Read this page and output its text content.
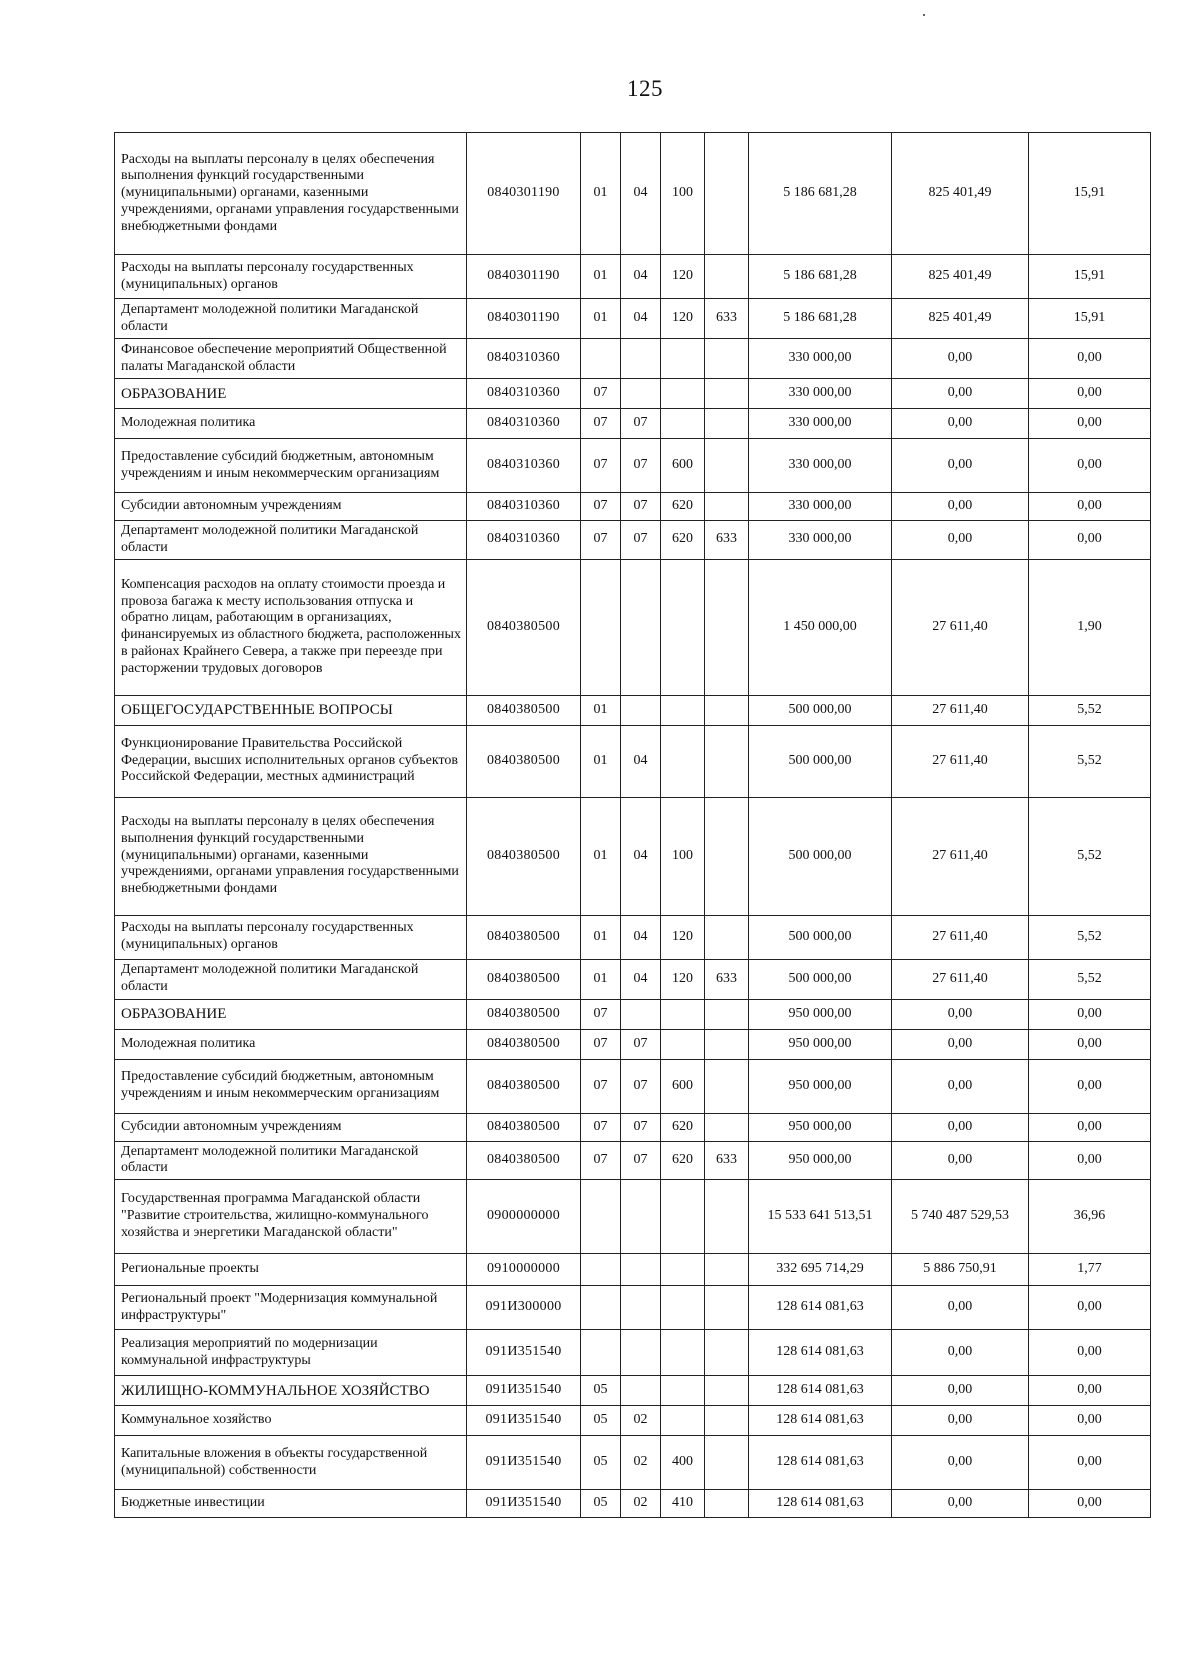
125
Расходы на выплаты персоналу в целях обеспечения выполнения функций государственными (муниципальными) органами, казенными учреждениями, органами управления государственными внебюджетными фондами	0840301190	01	04	100		5 186 681,28	825 401,49	15,91
Расходы на выплаты персоналу государственных (муниципальных) органов	0840301190	01	04	120		5 186 681,28	825 401,49	15,91
Департамент молодежной политики Магаданской области	0840301190	01	04	120	633	5 186 681,28	825 401,49	15,91
Финансовое обеспечение мероприятий Общественной палаты Магаданской области	0840310360					330 000,00	0,00	0,00
ОБРАЗОВАНИЕ	0840310360	07				330 000,00	0,00	0,00
Молодежная политика	0840310360	07	07			330 000,00	0,00	0,00
Предоставление субсидий бюджетным, автономным учреждениям и иным некоммерческим организациям	0840310360	07	07	600		330 000,00	0,00	0,00
Субсидии автономным учреждениям	0840310360	07	07	620		330 000,00	0,00	0,00
Департамент молодежной политики Магаданской области	0840310360	07	07	620	633	330 000,00	0,00	0,00
Компенсация расходов на оплату стоимости проезда и провоза багажа к месту использования отпуска и обратно лицам, работающим в организациях, финансируемых из областного бюджета, расположенных в районах Крайнего Севера, а также при переезде при расторжении трудовых договоров	0840380500					1 450 000,00	27 611,40	1,90
ОБЩЕГОСУДАРСТВЕННЫЕ ВОПРОСЫ	0840380500	01				500 000,00	27 611,40	5,52
Функционирование Правительства Российской Федерации, высших исполнительных органов субъектов Российской Федерации, местных администраций	0840380500	01	04			500 000,00	27 611,40	5,52
Расходы на выплаты персоналу в целях обеспечения выполнения функций государственными (муниципальными) органами, казенными учреждениями, органами управления государственными внебюджетными фондами	0840380500	01	04	100		500 000,00	27 611,40	5,52
Расходы на выплаты персоналу государственных (муниципальных) органов	0840380500	01	04	120		500 000,00	27 611,40	5,52
Департамент молодежной политики Магаданской области	0840380500	01	04	120	633	500 000,00	27 611,40	5,52
ОБРАЗОВАНИЕ	0840380500	07				950 000,00	0,00	0,00
Молодежная политика	0840380500	07	07			950 000,00	0,00	0,00
Предоставление субсидий бюджетным, автономным учреждениям и иным некоммерческим организациям	0840380500	07	07	600		950 000,00	0,00	0,00
Субсидии автономным учреждениям	0840380500	07	07	620		950 000,00	0,00	0,00
Департамент молодежной политики Магаданской области	0840380500	07	07	620	633	950 000,00	0,00	0,00
Государственная программа Магаданской области "Развитие строительства, жилищно-коммунального хозяйства и энергетики Магаданской области"	0900000000					15 533 641 513,51	5 740 487 529,53	36,96
Региональные проекты	0910000000					332 695 714,29	5 886 750,91	1,77
Региональный проект "Модернизация коммунальной инфраструктуры"	091И300000					128 614 081,63	0,00	0,00
Реализация мероприятий по модернизации коммунальной инфраструктуры	091И351540					128 614 081,63	0,00	0,00
ЖИЛИЩНО-КОММУНАЛЬНОЕ ХОЗЯЙСТВО	091И351540	05				128 614 081,63	0,00	0,00
Коммунальное хозяйство	091И351540	05	02			128 614 081,63	0,00	0,00
Капитальные вложения в объекты государственной (муниципальной) собственности	091И351540	05	02	400		128 614 081,63	0,00	0,00
Бюджетные инвестиции	091И351540	05	02	410		128 614 081,63	0,00	0,00
